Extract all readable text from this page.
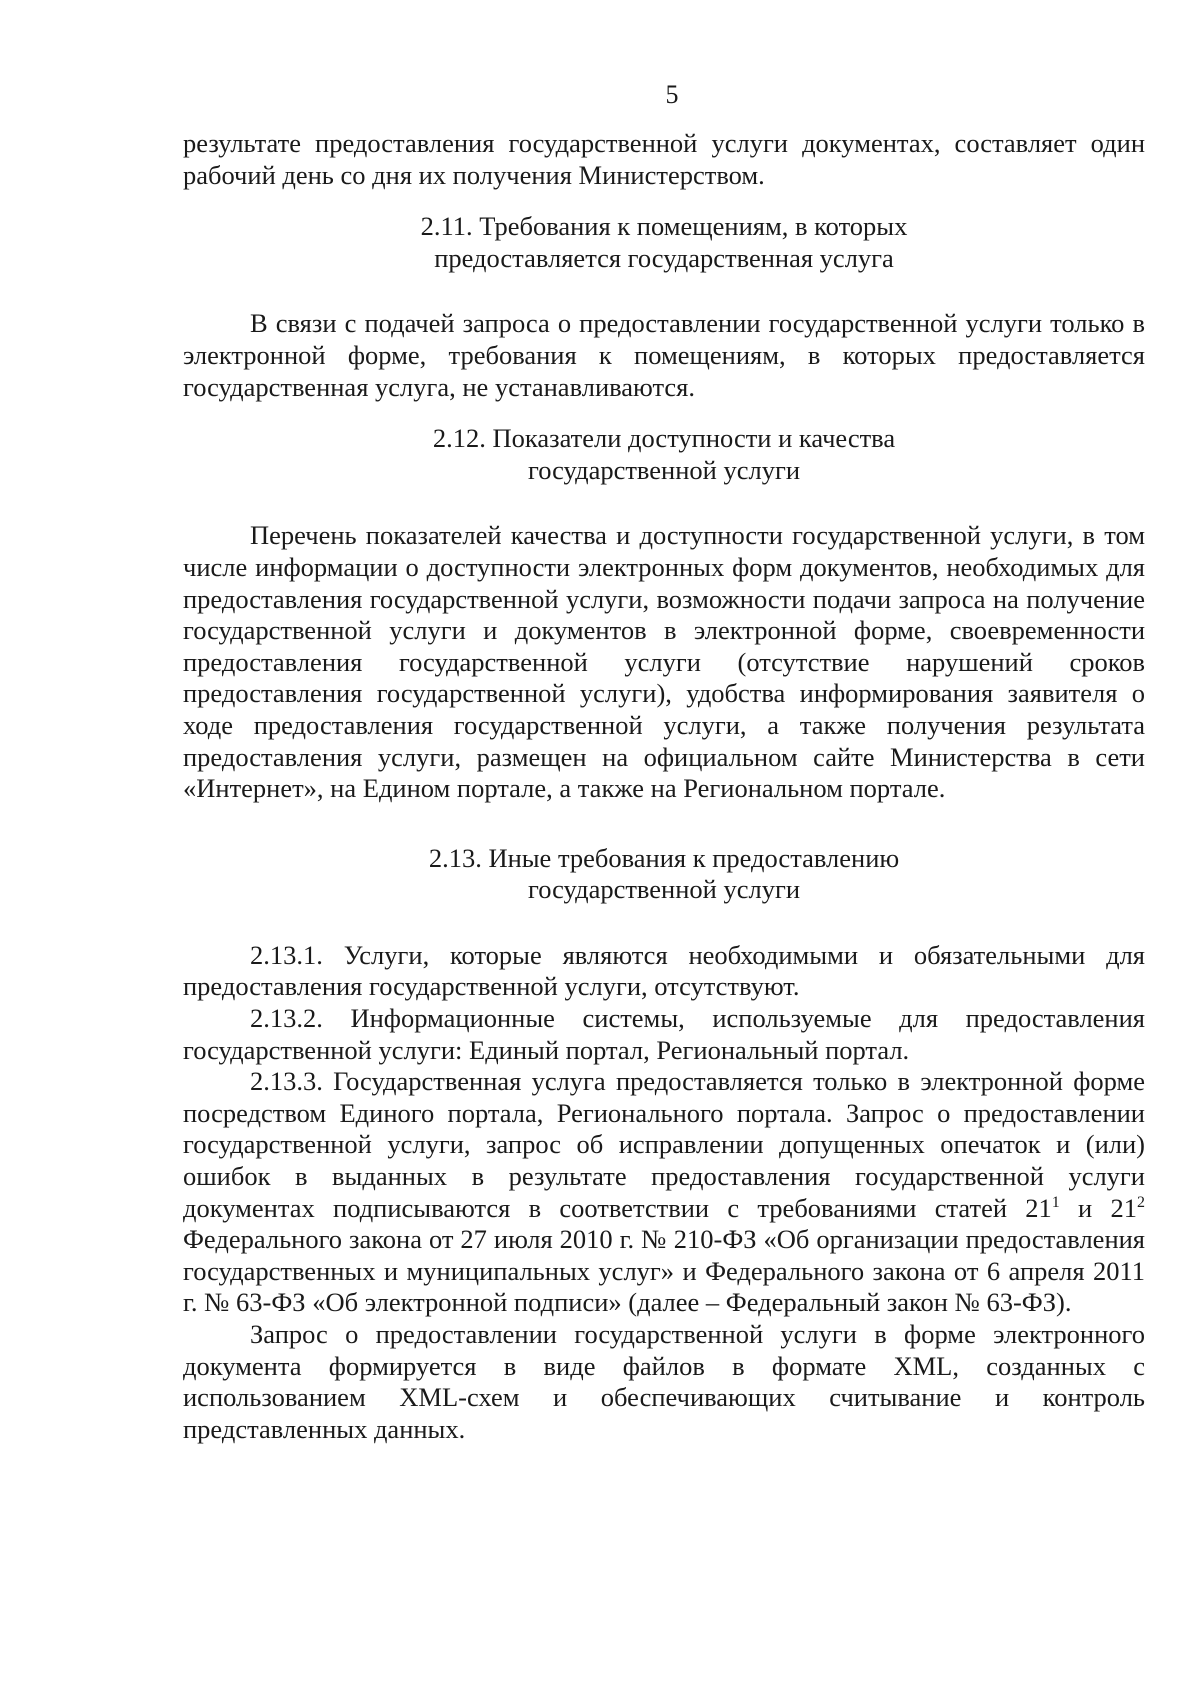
5

результате предоставления государственной услуги документах, составляет один рабочий день со дня их получения Министерством.

2.11. Требования к помещениям, в которых
предоставляется государственная услуга

В связи с подачей запроса о предоставлении государственной услуги только в электронной форме, требования к помещениям, в которых предоставляется государственная услуга, не устанавливаются.

2.12. Показатели доступности и качества
государственной услуги

Перечень показателей качества и доступности государственной услуги, в том числе информации о доступности электронных форм документов, необходимых для предоставления государственной услуги, возможности подачи запроса на получение государственной услуги и документов в электронной форме, своевременности предоставления государственной услуги (отсутствие нарушений сроков предоставления государственной услуги), удобства информирования заявителя о ходе предоставления государственной услуги, а также получения результата предоставления услуги, размещен на официальном сайте Министерства в сети «Интернет», на Едином портале, а также на Региональном портале.

2.13. Иные требования к предоставлению
государственной услуги

2.13.1. Услуги, которые являются необходимыми и обязательными для предоставления государственной услуги, отсутствуют.

2.13.2. Информационные системы, используемые для предоставления государственной услуги: Единый портал, Региональный портал.

2.13.3. Государственная услуга предоставляется только в электронной форме посредством Единого портала, Регионального портала. Запрос о предоставлении государственной услуги, запрос об исправлении допущенных опечаток и (или) ошибок в выданных в результате предоставления государственной услуги документах подписываются в соответствии с требованиями статей $21^1$ и $21^2$ Федерального закона от 27 июля 2010 г. № 210-ФЗ «Об организации предоставления государственных и муниципальных услуг» и Федерального закона от 6 апреля 2011 г. № 63-ФЗ «Об электронной подписи» (далее – Федеральный закон № 63-ФЗ).

Запрос о предоставлении государственной услуги в форме электронного документа формируется в виде файлов в формате XML, созданных с использованием XML-схем и обеспечивающих считывание и контроль представленных данных.
